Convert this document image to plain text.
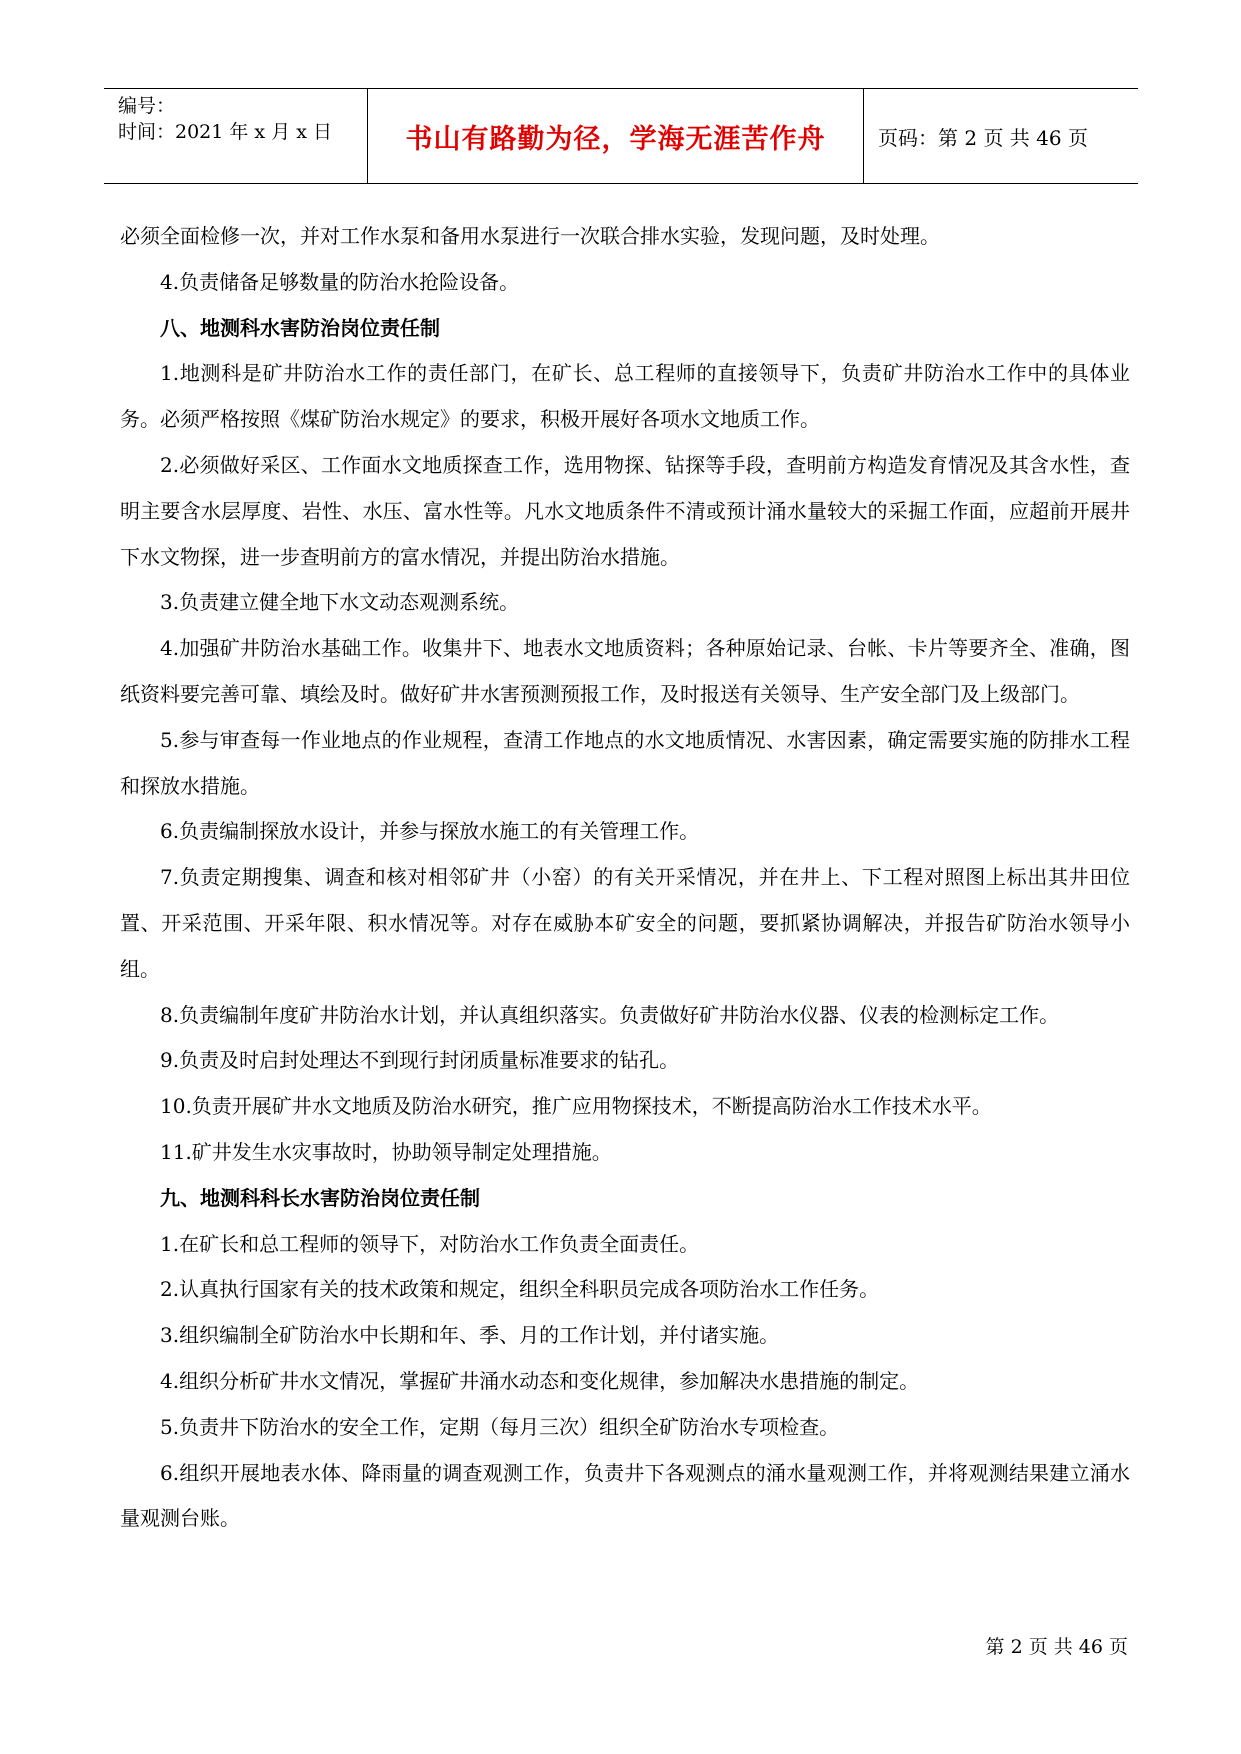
编号：
时间：2021 年 x 月 x 日	书山有路勤为径，学海无涯苦作舟	页码：第 2 页 共 46 页

必须全面检修一次，并对工作水泵和备用水泵进行一次联合排水实验，发现问题，及时处理。

4.负责储备足够数量的防治水抢险设备。

八、地测科水害防治岗位责任制

1.地测科是矿井防治水工作的责任部门，在矿长、总工程师的直接领导下，负责矿井防治水工作中的具体业务。必须严格按照《煤矿防治水规定》的要求，积极开展好各项水文地质工作。

2.必须做好采区、工作面水文地质探查工作，选用物探、钻探等手段，查明前方构造发育情况及其含水性，查明主要含水层厚度、岩性、水压、富水性等。凡水文地质条件不清或预计涌水量较大的采掘工作面，应超前开展井下水文物探，进一步查明前方的富水情况，并提出防治水措施。

3.负责建立健全地下水文动态观测系统。

4.加强矿井防治水基础工作。收集井下、地表水文地质资料；各种原始记录、台帐、卡片等要齐全、准确，图纸资料要完善可靠、填绘及时。做好矿井水害预测预报工作，及时报送有关领导、生产安全部门及上级部门。

5.参与审查每一作业地点的作业规程，查清工作地点的水文地质情况、水害因素，确定需要实施的防排水工程和探放水措施。

6.负责编制探放水设计，并参与探放水施工的有关管理工作。

7.负责定期搜集、调查和核对相邻矿井（小窑）的有关开采情况，并在井上、下工程对照图上标出其井田位置、开采范围、开采年限、积水情况等。对存在威胁本矿安全的问题，要抓紧协调解决，并报告矿防治水领导小组。

8.负责编制年度矿井防治水计划，并认真组织落实。负责做好矿井防治水仪器、仪表的检测标定工作。

9.负责及时启封处理达不到现行封闭质量标准要求的钻孔。

10.负责开展矿井水文地质及防治水研究，推广应用物探技术，不断提高防治水工作技术水平。

11.矿井发生水灾事故时，协助领导制定处理措施。

九、地测科科长水害防治岗位责任制

1.在矿长和总工程师的领导下，对防治水工作负责全面责任。

2.认真执行国家有关的技术政策和规定，组织全科职员完成各项防治水工作任务。

3.组织编制全矿防治水中长期和年、季、月的工作计划，并付诸实施。

4.组织分析矿井水文情况，掌握矿井涌水动态和变化规律，参加解决水患措施的制定。

5.负责井下防治水的安全工作，定期（每月三次）组织全矿防治水专项检查。

6.组织开展地表水体、降雨量的调查观测工作，负责井下各观测点的涌水量观测工作，并将观测结果建立涌水量观测台账。

第 2 页 共 46 页
